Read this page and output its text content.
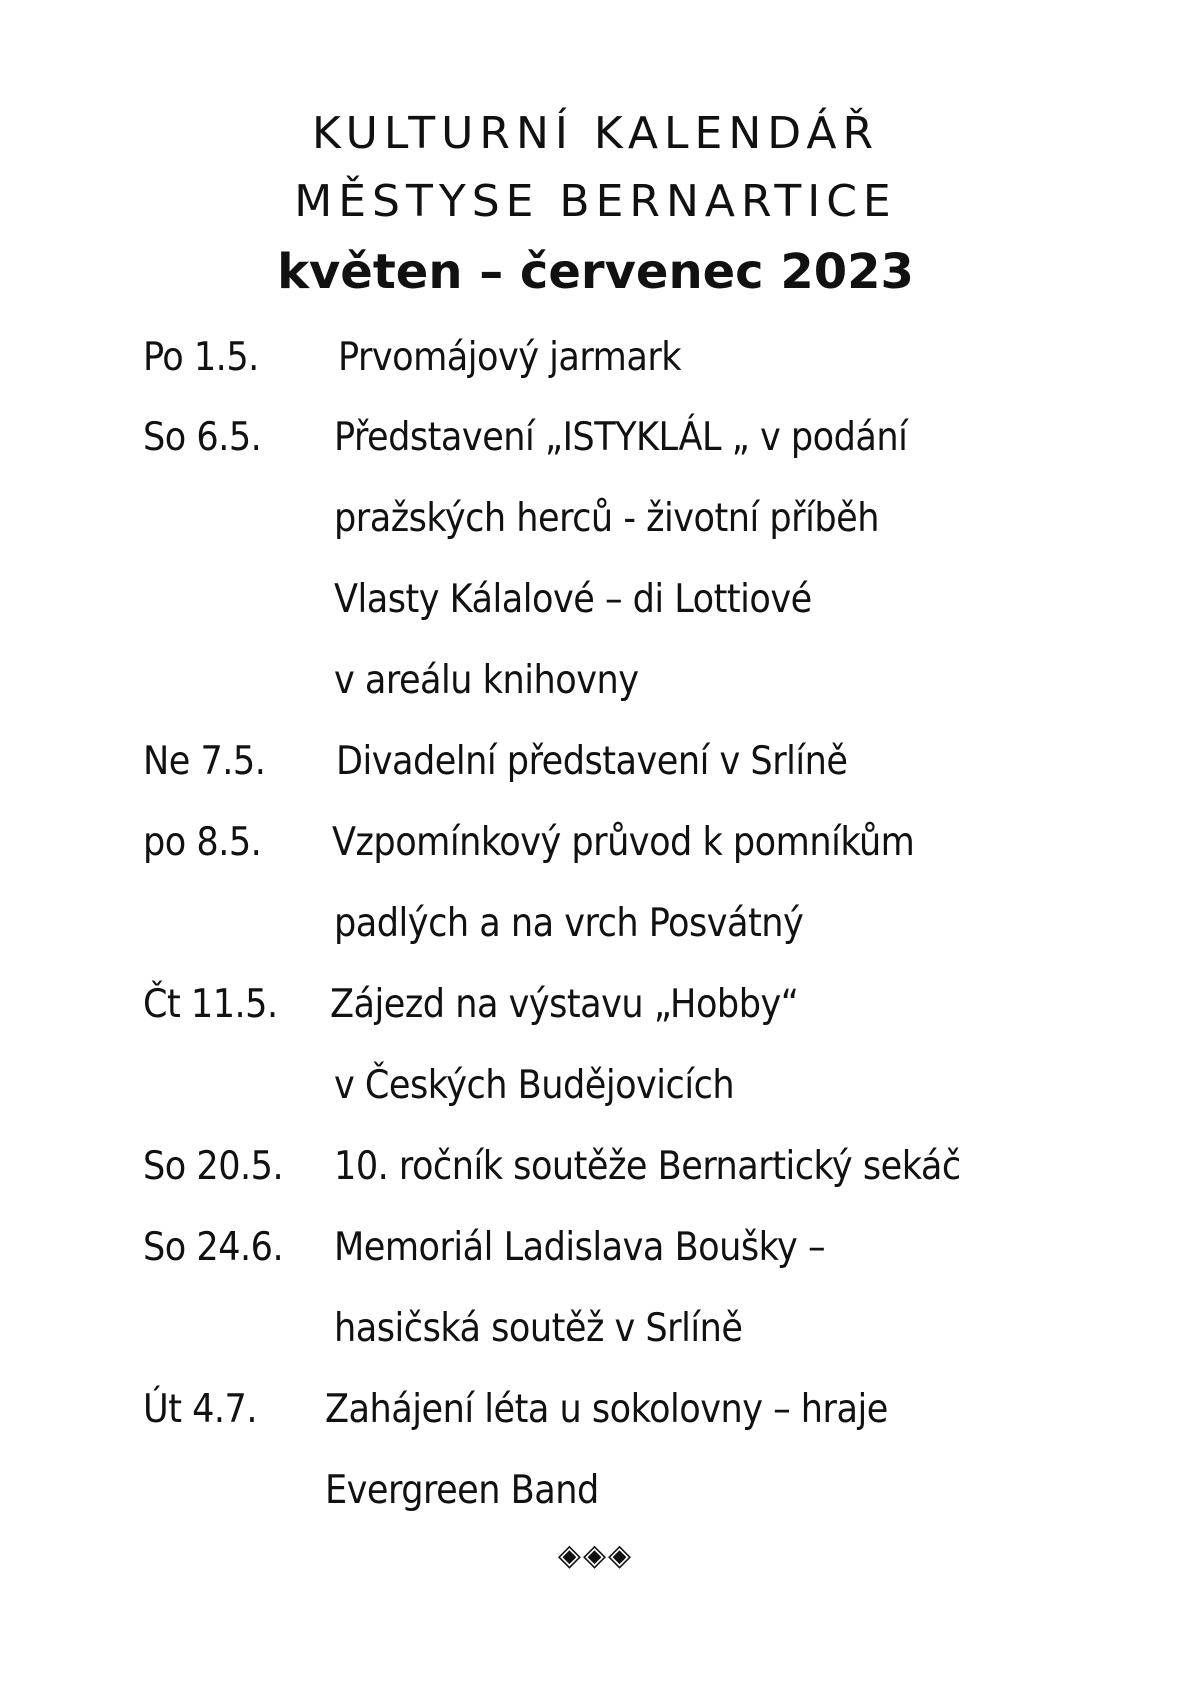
KULTURNÍ KALENDÁŘ
MĚSTYSE BERNARTICE
květen – červenec 2023
Po 1.5. Prvomájový jarmark
So 6.5. Představení „ISTYKLÁL „ v podání
pražských herců - životní příběh
Vlasty Kálalové – di Lottiové
v areálu knihovny
Ne 7.5. Divadelní představení v Srlíně
po 8.5. Vzpomínkový průvod k pomníkům
padlých a na vrch Posvátný
Čt 11.5. Zájezd na výstavu „Hobby“
v Českých Budějovicích
So 20.5. 10. ročník soutěže Bernartický sekáč
So 24.6. Memoriál Ladislava Boušky –
hasičská soutěž v Srlíně
Út 4.7. Zahájení léta u sokolovny – hraje
Evergreen Band
◈◈◈
